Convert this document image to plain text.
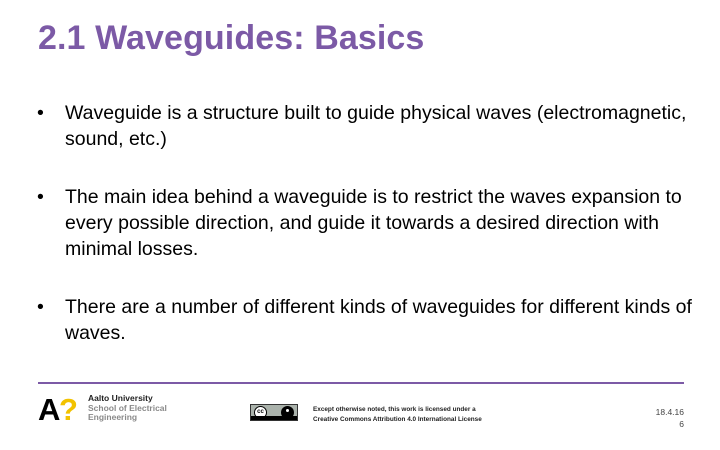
2.1 Waveguides: Basics
•	Waveguide is a structure built to guide physical waves (electromagnetic, sound, etc.)
•	The main idea behind a waveguide is to restrict the waves expansion to every possible direction, and guide it towards a desired direction with minimal losses.
•	There are a number of different kinds of waveguides for different kinds of waves.
A
? Aalto University
School of Electrical
Engineering	cc	Except otherwise noted, this work is licensed under a
Creative Commons Attribution 4.0 International License
18.4.16
6
